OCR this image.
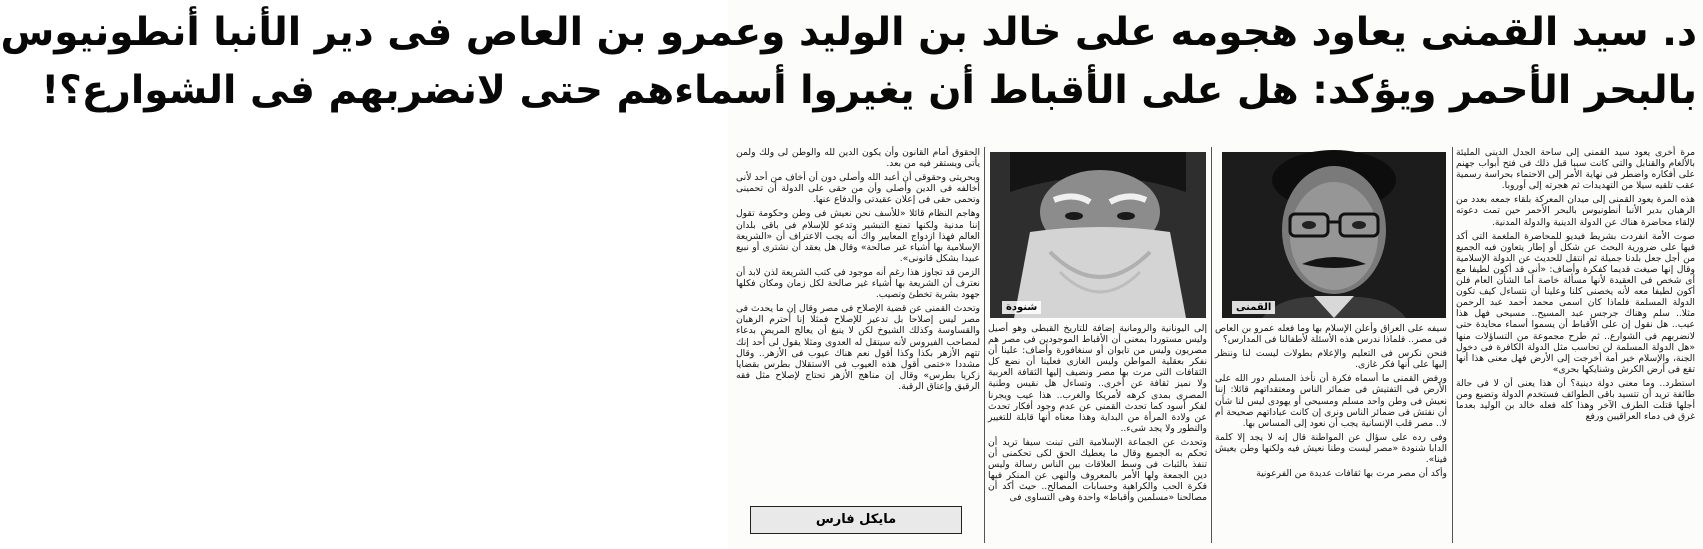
د. سيد القمنى يعاود هجومه على خالد بن الوليد وعمرو بن العاص فى دير الأنبا أنطونيوس
بالبحر الأحمر ويؤكد: هل على الأقباط أن يغيروا أسماءهم حتى لانضربهم فى الشوارع؟!

مرة أخرى يعود سيد القمنى إلى ساحة الجدل الدينى المليئة بالألغام والقنابل والتى كانت سببا قبل ذلك فى فتح أبواب جهنم على أفكاره واضطر فى نهاية الأمر إلى الاحتماء بحراسة رسمية عقب تلقيه سيلا من التهديدات ثم هجرته إلى أوروبا.

هذه المرة يعود القمنى إلى ميدان المعركة بلقاء جمعه بعدد من الرهبان بدير الأنبا أنطونيوس بالبحر الأحمر حين تمت دعوته لإلقاء محاضرة هناك عن الدولة الدينية والدولة المدنية.

صوت الأمة انفردت بشريط فيديو للمحاضرة الملغمة التى أكد فيها على ضرورية البحث عن شكل أو إطار يتعاون فيه الجميع من أجل جعل بلدنا جميلة ثم انتقل للحديث عن الدولة الإسلامية وقال إنها صيغت قديما كفكرة وأضاف: «أنى قد أكون لطيفا مع أى شخص فى العقيدة لأنها مسألة خاصة أما الشأن العام فلن أكون لطيفا معه لأنه يخصنى كلنا وعلينا أن نتساءل كيف تكون الدولة المسلمة فلماذا كان اسمى محمد أحمد عبد الرحمن مثلا.. سلم وهناك جرجس عبد المسيح.. مسيحى فهل هذا عيب.. هل نقول إن على الأقباط أن يسموا أسماء محايدة حتى لانضربهم فى الشوارع.. ثم طرح مجموعة من التساؤلات منها «هل الدولة المسلمة لن تحاسب مثل الدولة الكافرة فى دخول الجنة، والإسلام خير أمة أخرجت إلى الأرض فهل معنى هذا أنها تقع فى أرض الكرش وشنايكها بحرى»

استطرد.. وما معنى دولة دينية؟ أن هذا يعنى أن لا فى حالة طائفة تريد أن تتسيد باقى الطوائف فستخدم الدولة وتضيع ومن أجلها قتلت الطرف الآخر وهذا كله فعله خالد بن الوليد بعدما غرق فى دماء العراقيين ورفع

القمنى

سيفه على العراق وأعلن الإسلام بها وما فعله عمرو بن العاص فى مصر.. فلماذا ندرس هذه الأسئلة لأطفالنا فى المدارس؟

فنحن نكرس فى التعليم والإعلام بطولات ليست لنا وننظر إليها على أنها فكر غازى.

ورفض القمنى ما أسماه فكرة أن نأخذ المسلم دور الله على الأرض فى التفتيش فى ضمائر الناس ومعتقداتهم قائلا: إننا نعيش فى وطن واحد مسلم ومسيحى أو يهودى ليس لنا شأن أن نفتش فى ضمائر الناس ونرى إن كانت عباداتهم صحيحة أم لا.. مصر قلب الإنسانية يجب أن نعود إلى المساس بها.

وفى رده على سؤال عن المواطنة قال إنه لا يجد إلا كلمة الدابا شنودة «مصر ليست وطنا نعيش فيه ولكنها وطن يعيش فينا».

وأكد أن مصر مرت بها ثقافات عديدة من الفرعونية

شنودة

إلى اليونانية والرومانية إضافة للتاريخ القبطى وهو أصيل وليس مستوردا بمعنى أن الأقباط الموجودين فى مصر هم مصريون وليس من تايوان أو سنغافورة وأضاف: علينا أن نفكر بعقلية المواطن وليس الغازى فعلينا أن نضع كل الثقافات التى مرت بها مصر ونضيف إليها الثقافة العربية ولا نميز ثقافة عن أخرى.. وتساءل هل نقيس وطنية المصرى بمدى كرهه لأمريكا والغرب.. هذا عيب ويجرنا لفكر أسود كما تحدث القمنى عن عدم وجود أفكار تحدث عن ولادة المرأة من البداية وهذا معناه أنها قابلة للتغيير والتطور ولا يجد شىء..

وتحدث عن الجماعة الإسلامية التى تبنت سيفا تريد أن تحكم به الجميع وقال ما يعطيك الحق لكى تحكمنى أن تنفذ بالثبات فى وسط العلاقات بين الناس رسالة وليس دين الجمعة ولها الأمر بالمعروف والنهى عن المنكر فيها فكرة الحب والكراهية وحسابات المصالح.. حيث أكد أن مصالحنا «مسلمين وأقباط» واحدة وهى التساوى فى

الحقوق أمام القانون وأن يكون الدين لله والوطن لى ولك ولمن يأتى ويستقر فيه من بعد.

وبحريتى وحقوقى أن أعبد الله وأصلى دون أن أخاف من أحد لأنى أخالفه فى الدين وأصلى وأن من حقى على الدولة أن تحمينى وتحمى حقى فى إعلان عقيدتى والدفاع عنها.

وهاجم النظام قائلا «للأسف نحن نعيش فى وطن وحكومة تقول إننا مدنية ولكنها تمنع التبشير وتدعو للإسلام فى باقى بلدان العالم فهذا ازدواج المعايير واك أنه يجب الاعتراف أن «الشريعة الإسلامية بها أشياء غير صالحة» وقال هل يعقد أن نشترى أو نبيع عبيدا بشكل قانونى».

الزمن قد تجاوز هذا رغم أنه موجود فى كتب الشريعة لذن لابد أن نعترف أن الشريعة بها أشياء غير صالحة لكل زمان ومكان فكلها جهود بشرية تخطئ وتصيب.

وتحدث القمنى عن قضية الإصلاح فى مصر وقال إن ما يحدث فى مصر ليس إصلاحا بل تدعير للإصلاح فمثلا إنا أحترم الرهبان والقساوسة وكذلك الشيوخ لكن لا ينبغ أن يعالج المريض بدعاء لمصاحب الفيروس لأنه سيتقل له العدوى ومثلا يقول لى أحد إنك تتهم الأزهر بكذا وكذا أقول نعم هناك عيوب فى الأزهر.. وقال مشددا «ختمى أقول هذه العيوب فى الاستقلال بطرس بقضايا زكريا بطرس» وقال إن مناهج الأزهر تحتاج لإصلاح مثل فقه الرقيق وإعتاق الرقبة.

مايكل فارس
